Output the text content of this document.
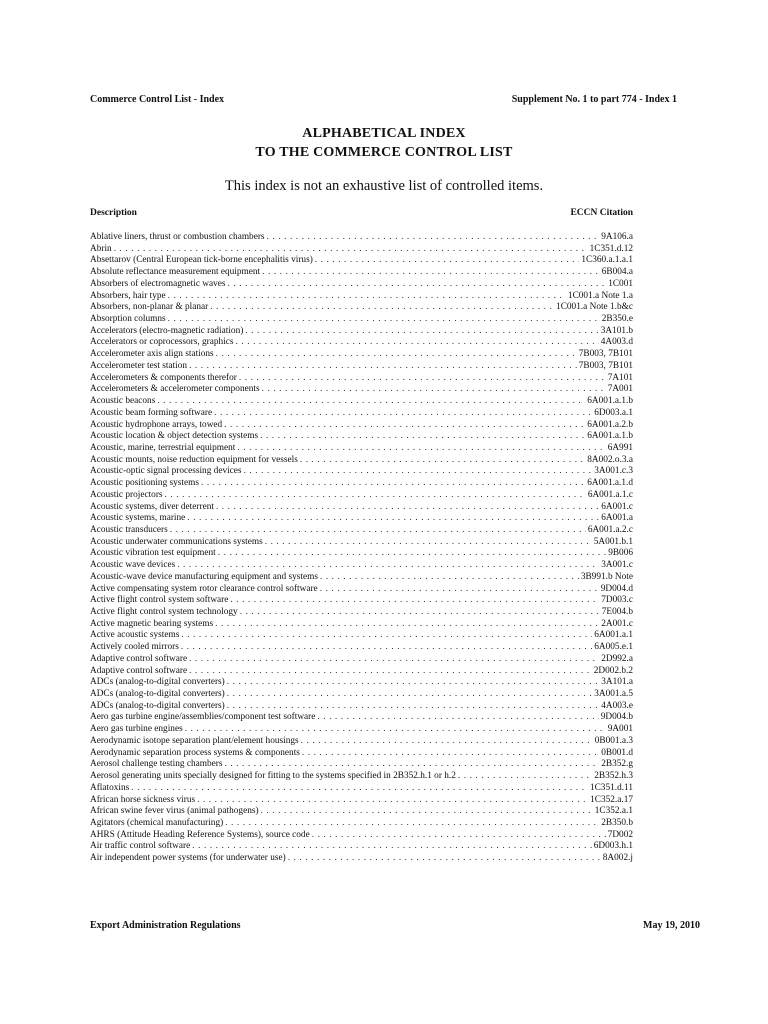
Commerce Control List - Index	Supplement No. 1 to part 774 - Index 1
ALPHABETICAL INDEX
TO THE COMMERCE CONTROL LIST
This index is not an exhaustive list of controlled items.
Description	ECCN Citation
Ablative liners, thrust or combustion chambers . . .	9A106.a
Abrin . . .	1C351.d.12
Absettarov (Central European tick-borne encephalitis virus) . . .	1C360.a.1.a.1
Absolute reflectance measurement equipment . . .	6B004.a
Absorbers of electromagnetic waves . . .	1C001
Absorbers, hair type . . .	1C001.a Note 1.a
Absorbers, non-planar & planar . . .	1C001.a Note 1.b&c
Absorption columns . . .	2B350.e
Accelerators (electro-magnetic radiation) . . .	3A101.b
Accelerators or coprocessors, graphics . . .	4A003.d
Accelerometer axis align stations . . .	7B003, 7B101
Accelerometer test station . . .	7B003, 7B101
Accelerometers & components therefor . . .	7A101
Accelerometers & accelerometer components . . .	7A001
Acoustic beacons . . .	6A001.a.1.b
Acoustic beam forming software . . .	6D003.a.1
Acoustic hydrophone arrays, towed . . .	6A001.a.2.b
Acoustic location & object detection systems . . .	6A001.a.1.b
Acoustic, marine, terrestrial equipment . . .	6A991
Acoustic mounts, noise reduction equipment for vessels . . .	8A002.o.3.a
Acoustic-optic signal processing devices . . .	3A001.c.3
Acoustic positioning systems . . .	6A001.a.1.d
Acoustic projectors . . .	6A001.a.1.c
Acoustic systems, diver deterrent . . .	6A001.c
Acoustic systems, marine . . .	6A001.a
Acoustic transducers . . .	6A001.a.2.c
Acoustic underwater communications systems . . .	5A001.b.1
Acoustic vibration test equipment . . .	9B006
Acoustic wave devices . . .	3A001.c
Acoustic-wave device manufacturing equipment and systems . . .	3B991.b Note
Active compensating system rotor clearance control software . . .	9D004.d
Active flight control system software . . .	7D003.c
Active flight control system technology . . .	7E004.b
Active magnetic bearing systems . . .	2A001.c
Active acoustic systems . . .	6A001.a.1
Actively cooled mirrors . . .	6A005.e.1
Adaptive control software . . .	2D992.a
Adaptive control software . . .	2D002.b.2
ADCs (analog-to-digital converters) . . .	3A101.a
ADCs (analog-to-digital converters) . . .	3A001.a.5
ADCs (analog-to-digital converters) . . .	4A003.e
Aero gas turbine engine/assemblies/component test software . . .	9D004.b
Aero gas turbine engines . . .	9A001
Aerodynamic isotope separation plant/element housings . . .	0B001.a.3
Aerodynamic separation process systems & components . . .	0B001.d
Aerosol challenge testing chambers . . .	2B352.g
Aerosol generating units specially designed for fitting to the systems specified in 2B352.h.1 or h.2 . . .	2B352.h.3
Aflatoxins . . .	1C351.d.11
African horse sickness virus . . .	1C352.a.17
African swine fever virus (animal pathogens) . . .	1C352.a.1
Agitators (chemical manufacturing) . . .	2B350.b
AHRS (Attitude Heading Reference Systems), source code . . .	7D002
Air traffic control software . . .	6D003.h.1
Air independent power systems (for underwater use) . . .	8A002.j
Export Administration Regulations	May 19, 2010
